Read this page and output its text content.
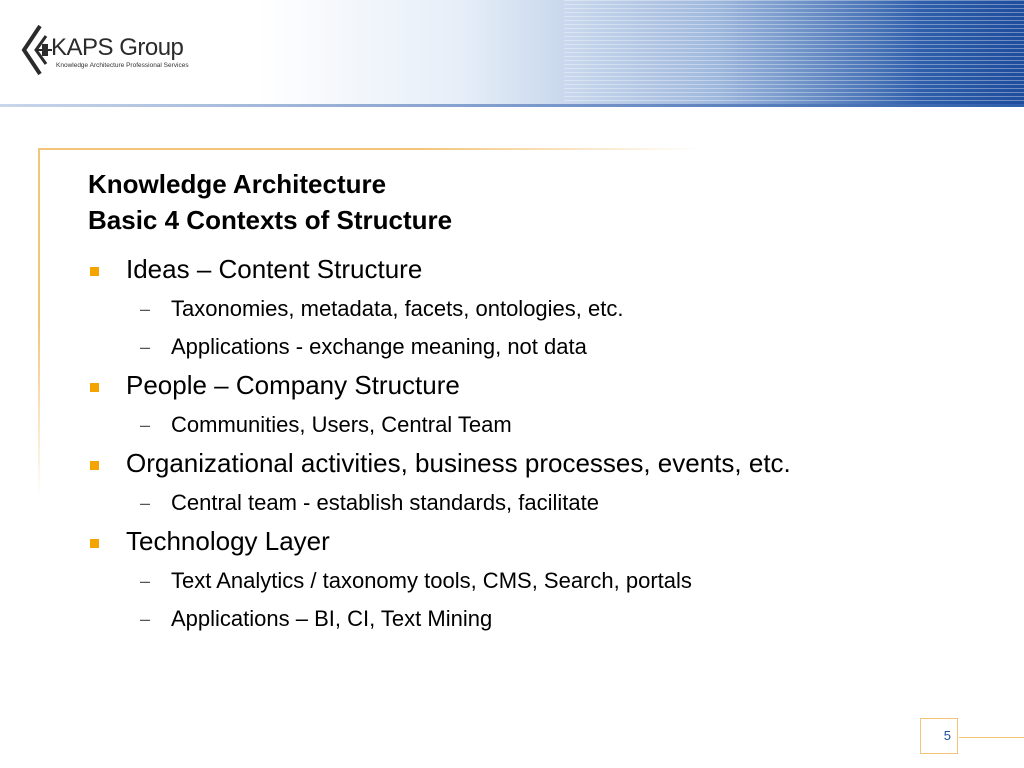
KAPS Group
Knowledge Architecture Professional Services
Knowledge Architecture
Basic 4 Contexts of Structure
Ideas – Content Structure
– Taxonomies, metadata, facets, ontologies, etc.
– Applications - exchange meaning, not data
People – Company Structure
– Communities, Users, Central Team
Organizational activities, business processes, events, etc.
– Central team - establish standards, facilitate
Technology Layer
– Text Analytics / taxonomy tools, CMS, Search, portals
– Applications – BI, CI, Text Mining
5
